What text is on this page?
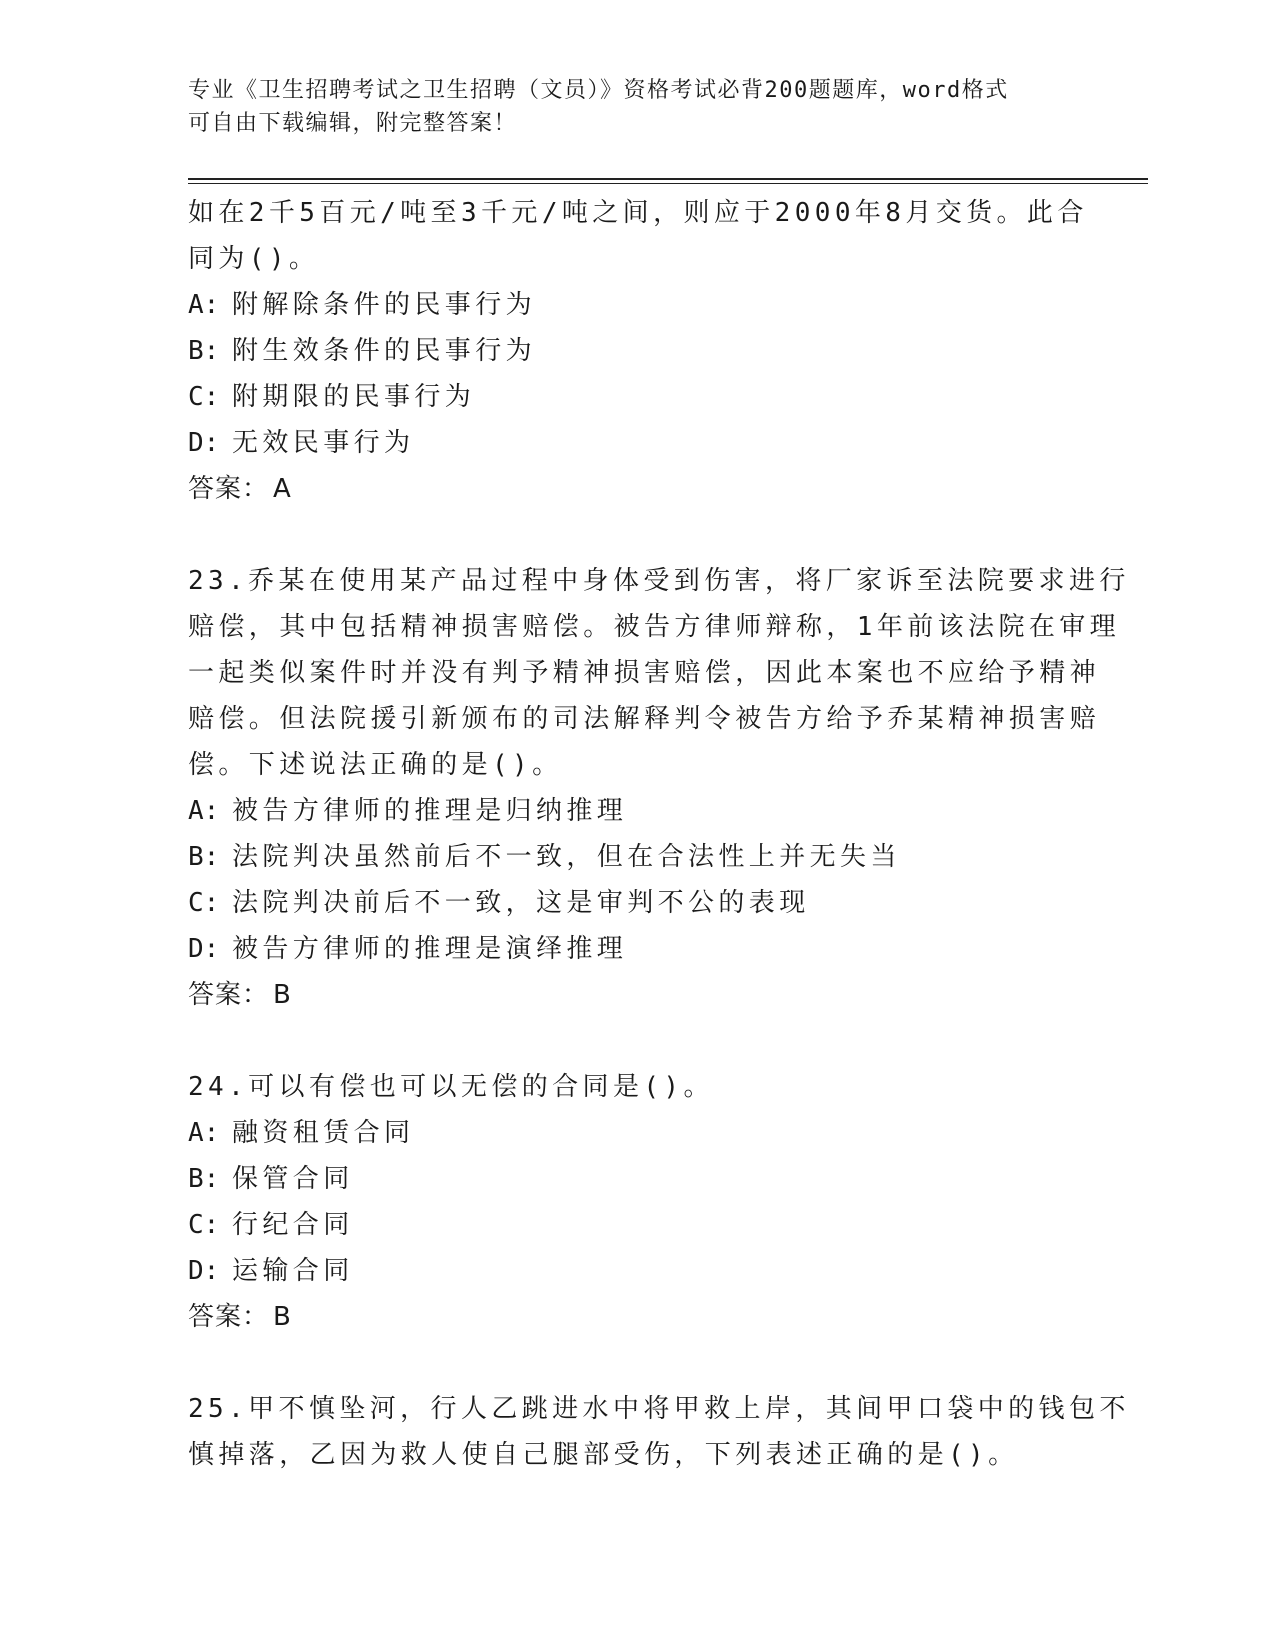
专业《卫生招聘考试之卫生招聘（文员）》资格考试必背200题题库，word格式
可自由下载编辑，附完整答案！
如在2千5百元/吨至3千元/吨之间，则应于2000年8月交货。此合
同为()。
A: 附解除条件的民事行为
B: 附生效条件的民事行为
C: 附期限的民事行为
D: 无效民事行为
答案： A
23.乔某在使用某产品过程中身体受到伤害，将厂家诉至法院要求进行
赔偿，其中包括精神损害赔偿。被告方律师辩称，1年前该法院在审理
一起类似案件时并没有判予精神损害赔偿，因此本案也不应给予精神
赔偿。但法院援引新颁布的司法解释判令被告方给予乔某精神损害赔
偿。下述说法正确的是()。
A: 被告方律师的推理是归纳推理
B: 法院判决虽然前后不一致，但在合法性上并无失当
C: 法院判决前后不一致，这是审判不公的表现
D: 被告方律师的推理是演绎推理
答案： B
24.可以有偿也可以无偿的合同是()。
A: 融资租赁合同
B: 保管合同
C: 行纪合同
D: 运输合同
答案： B
25.甲不慎坠河，行人乙跳进水中将甲救上岸，其间甲口袋中的钱包不
慎掉落，乙因为救人使自己腿部受伤，下列表述正确的是()。
